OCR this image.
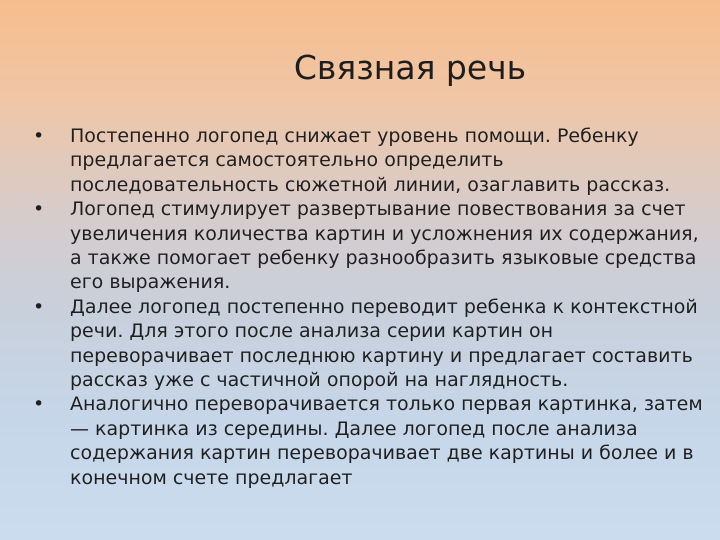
Связная речь
• Постепенно логопед снижает уровень помощи. Ребенку предлагается самостоятельно определить последовательность сюжетной линии, озаглавить рассказ.
• Логопед стимулирует развертывание повествования за счет увеличения количества картин и усложнения их содержания, а также помогает ребенку разнообразить языковые средства его выражения.
• Далее логопед постепенно переводит ребенка к контекстной речи. Для этого после анализа серии картин он переворачивает последнюю картину и предлагает составить рассказ уже с частичной опорой на наглядность.
• Аналогично переворачивается только первая картинка, затем — картинка из середины. Далее логопед после анализа содержания картин переворачивает две картины и более и в конечном счете предлагает
